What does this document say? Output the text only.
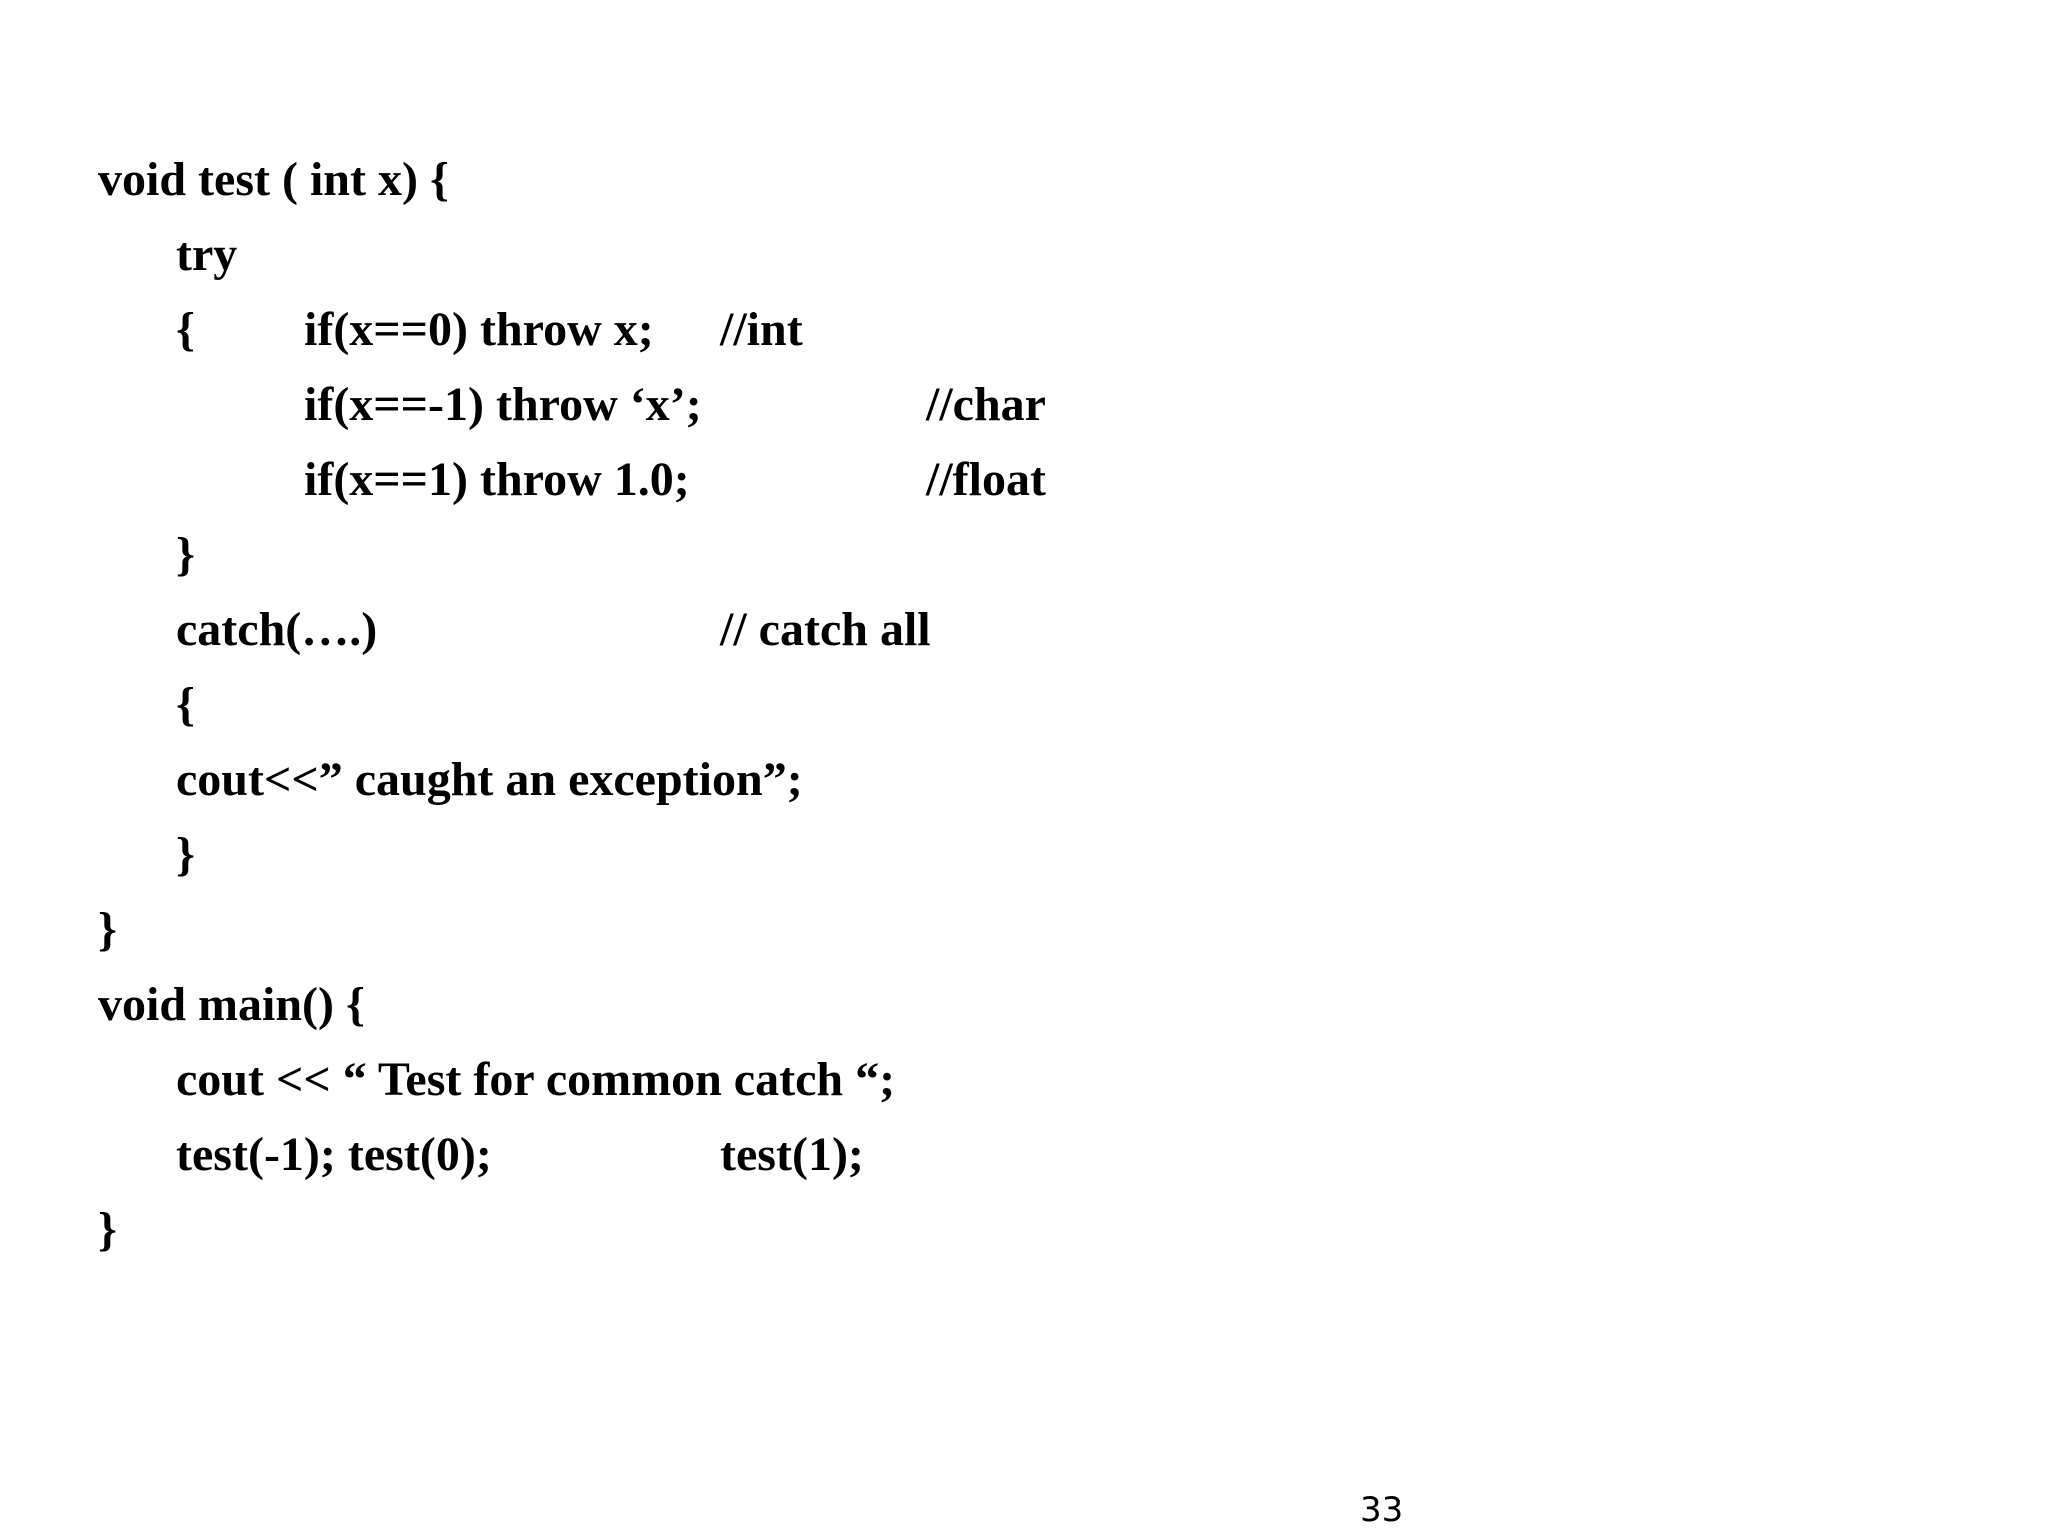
void test ( int x) {

try

{

if(x==0) throw x;

//int

if(x==-1) throw ‘x’;

	//char

if(x==1) throw 1.0;

	//float

}

catch(….)

	// catch all

{

cout<<” caught an exception”;

}

}

void main() {

cout << “ Test for common catch “;

test(-1); test(0);

	test(1);

}

33
